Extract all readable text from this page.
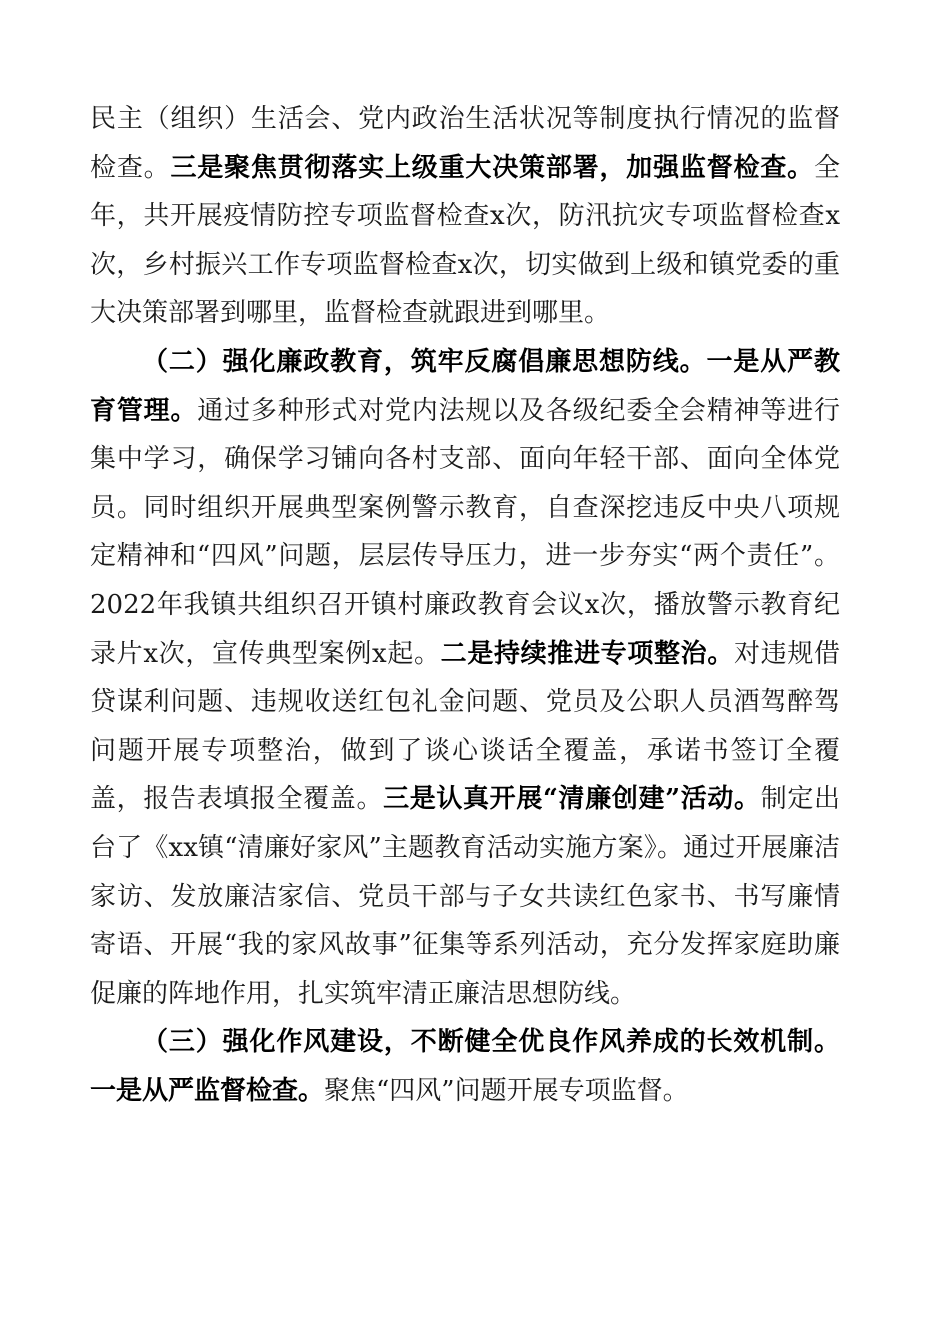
民主（组织）生活会、党内政治生活状况等制度执行情况的监督检查。三是聚焦贯彻落实上级重大决策部署，加强监督检查。全年，共开展疫情防控专项监督检查x次，防汛抗灾专项监督检查x次，乡村振兴工作专项监督检查x次，切实做到上级和镇党委的重大决策部署到哪里，监督检查就跟进到哪里。

（二）强化廉政教育，筑牢反腐倡廉思想防线。一是从严教育管理。通过多种形式对党内法规以及各级纪委全会精神等进行集中学习，确保学习铺向各村支部、面向年轻干部、面向全体党员。同时组织开展典型案例警示教育，自查深挖违反中央八项规定精神和“四风”问题，层层传导压力，进一步夯实“两个责任”。2022年我镇共组织召开镇村廉政教育会议x次，播放警示教育纪录片x次，宣传典型案例x起。二是持续推进专项整治。对违规借贷谋利问题、违规收送红包礼金问题、党员及公职人员酒驾醉驾问题开展专项整治，做到了谈心谈话全覆盖，承诺书签订全覆盖，报告表填报全覆盖。三是认真开展“清廉创建”活动。制定出台了《xx镇“清廉好家风”主题教育活动实施方案》。通过开展廉洁家访、发放廉洁家信、党员干部与子女共读红色家书、书写廉情寄语、开展“我的家风故事”征集等系列活动，充分发挥家庭助廉促廉的阵地作用，扎实筑牢清正廉洁思想防线。

（三）强化作风建设，不断健全优良作风养成的长效机制。一是从严监督检查。聚焦“四风”问题开展专项监督。
